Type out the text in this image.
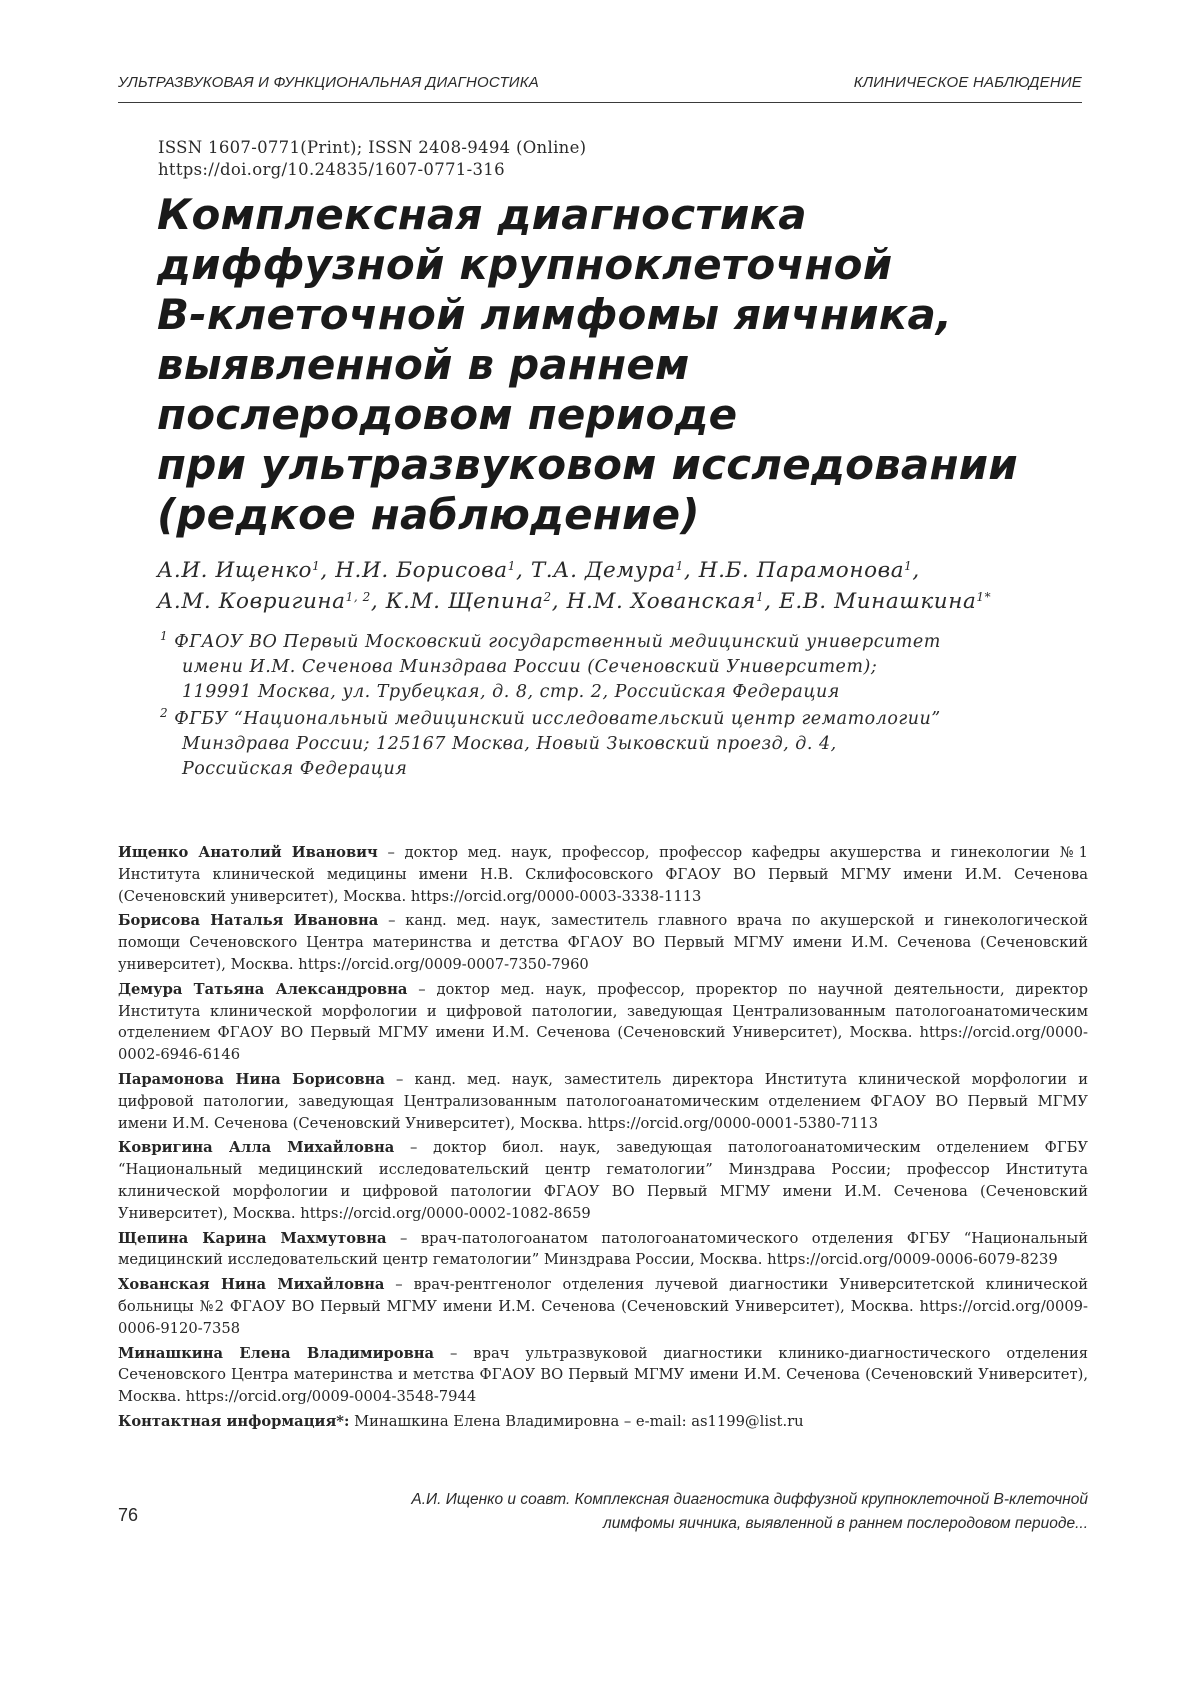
УЛЬТРАЗВУКОВАЯ И ФУНКЦИОНАЛЬНАЯ ДИАГНОСТИКА	КЛИНИЧЕСКОЕ НАБЛЮДЕНИЕ
ISSN 1607-0771(Print); ISSN 2408-9494 (Online)
https://doi.org/10.24835/1607-0771-316
Комплексная диагностика
диффузной крупноклеточной
В-клеточной лимфомы яичника,
выявленной в раннем
послеродовом периоде
при ультразвуковом исследовании
(редкое наблюдение)
А.И. Ищенко1, Н.И. Борисова1, Т.А. Демура1, Н.Б. Парамонова1,
А.М. Ковригина1, 2, К.М. Щепина2, Н.М. Хованская1, Е.В. Минашкина1*
1 ФГАОУ ВО Первый Московский государственный медицинский университет
имени И.М. Сеченова Минздрава России (Сеченовский Университет);
119991 Москва, ул. Трубецкая, д. 8, стр. 2, Российская Федерация
2 ФГБУ “Национальный медицинский исследовательский центр гематологии”
Минздрава России; 125167 Москва, Новый Зыковский проезд, д. 4,
Российская Федерация

Ищенко Анатолий Иванович – доктор мед. наук, профессор, профессор кафедры акушерства и гинекологии №1 Института клинической медицины имени Н.В. Склифосовского ФГАОУ ВО Первый МГМУ имени И.М. Сеченова (Сеченовский университет), Москва. https://orcid.org/0000-0003-3338-1113

Борисова Наталья Ивановна – канд. мед. наук, заместитель главного врача по акушерской и гинекологической помощи Сеченовского Центра материнства и детства ФГАОУ ВО Первый МГМУ имени И.М. Сеченова (Сеченовский университет), Москва. https://orcid.org/0009-0007-7350-7960

Демура Татьяна Александровна – доктор мед. наук, профессор, проректор по научной деятельности, директор Института клинической морфологии и цифровой патологии, заведующая Централизованным патологоанатомическим отделением ФГАОУ ВО Первый МГМУ имени И.М. Сеченова (Сеченовский Университет), Москва. https://orcid.org/0000-0002-6946-6146

Парамонова Нина Борисовна – канд. мед. наук, заместитель директора Института клинической морфологии и цифровой патологии, заведующая Централизованным патологоанатомическим отделением ФГАОУ ВО Первый МГМУ имени И.М. Сеченова (Сеченовский Университет), Москва. https://orcid.org/0000-0001-5380-7113

Ковригина Алла Михайловна – доктор биол. наук, заведующая патологоанатомическим отделением ФГБУ “Национальный медицинский исследовательский центр гематологии” Минздрава России; профессор Института клинической морфологии и цифровой патологии ФГАОУ ВО Первый МГМУ имени И.М. Сеченова (Сеченовский Университет), Москва. https://orcid.org/0000-0002-1082-8659

Щепина Карина Махмутовна – врач-патологоанатом патологоанатомического отделения ФГБУ “Национальный медицинский исследовательский центр гематологии” Минздрава России, Москва. https://orcid.org/0009-0006-6079-8239

Хованская Нина Михайловна – врач-рентгенолог отделения лучевой диагностики Университетской клинической больницы №2 ФГАОУ ВО Первый МГМУ имени И.М. Сеченова (Сеченовский Университет), Москва. https://orcid.org/0009-0006-9120-7358

Минашкина Елена Владимировна – врач ультразвуковой диагностики клинико-диагностического отделения Сеченовского Центра материнства и метства ФГАОУ ВО Первый МГМУ имени И.М. Сеченова (Сеченовский Университет), Москва. https://orcid.org/0009-0004-3548-7944

Контактная информация*: Минашкина Елена Владимировна – e-mail: as1199@list.ru

76
А.И. Ищенко и соавт. Комплексная диагностика диффузной крупноклеточной В-клеточной
лимфомы яичника, выявленной в раннем послеродовом периоде...
